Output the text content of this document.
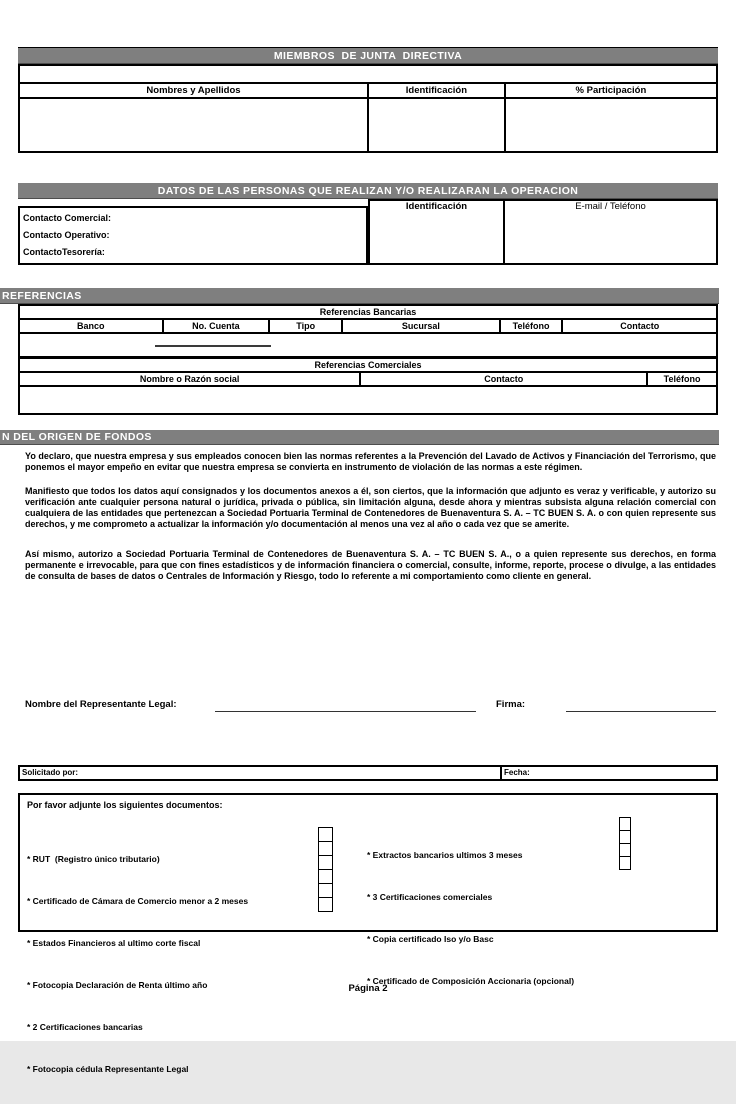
MIEMBROS  DE JUNTA  DIRECTIVA

Nombres y Apellidos	Identificación	% Participación

DATOS DE LAS PERSONAS QUE REALIZAN Y/O REALIZARAN LA OPERACION
Identificación	E-mail / Teléfono
Contacto Comercial:
Contacto Operativo:
ContactoTesorería:
REFERENCIAS
Referencias Bancarias
Banco	No. Cuenta	Tipo	Sucursal	Teléfono	Contacto

Referencias Comerciales
Nombre o Razón social	Contacto	Teléfono

N DEL ORIGEN DE FONDOS

Yo declaro, que nuestra empresa y sus empleados conocen bien las normas referentes a la Prevención del Lavado de Activos y Financiación del Terrorismo, que ponemos el mayor empeño en evitar que nuestra empresa se convierta en instrumento de violación de las normas a este régimen.

Manifiesto que todos los datos aquí consignados y los documentos anexos a él, son ciertos, que la información que adjunto es veraz y verificable, y autorizo su verificación ante cualquier persona natural o jurídica, privada o pública, sin limitación alguna, desde ahora y mientras subsista alguna relación comercial con cualquiera de las entidades que pertenezcan a Sociedad Portuaria Terminal de Contenedores de Buenaventura S. A. – TC BUEN S. A. o con quien represente sus derechos, y me comprometo a actualizar la información y/o documentación al menos una vez al año o cada vez que se amerite.

Así mismo, autorizo a Sociedad Portuaria Terminal de Contenedores de Buenaventura S. A. – TC BUEN S. A., o a quien represente sus derechos, en forma permanente e irrevocable, para que con fines estadísticos y de información financiera o comercial, consulte, informe, reporte, procese o divulge, a las entidades de consulta de bases de datos o Centrales de Información y Riesgo, todo lo referente a mi comportamiento como cliente en general.

Nombre del Representante Legal:	Firma:
Solicitado por:	Fecha:
Por favor adjunte los siguientes documentos:

* RUT  (Registro único tributario)

* Certificado de Cámara de Comercio menor a 2 meses

* Estados Financieros al ultimo corte fiscal

* Fotocopia Declaración de Renta último año

* 2 Certificaciones bancarias

* Fotocopia cédula Representante Legal

* Extractos bancarios ultimos 3 meses

* 3 Certificaciones comerciales

* Copia certificado Iso y/o Basc

* Certificado de Composición Accionaria (opcional)

Página 2
